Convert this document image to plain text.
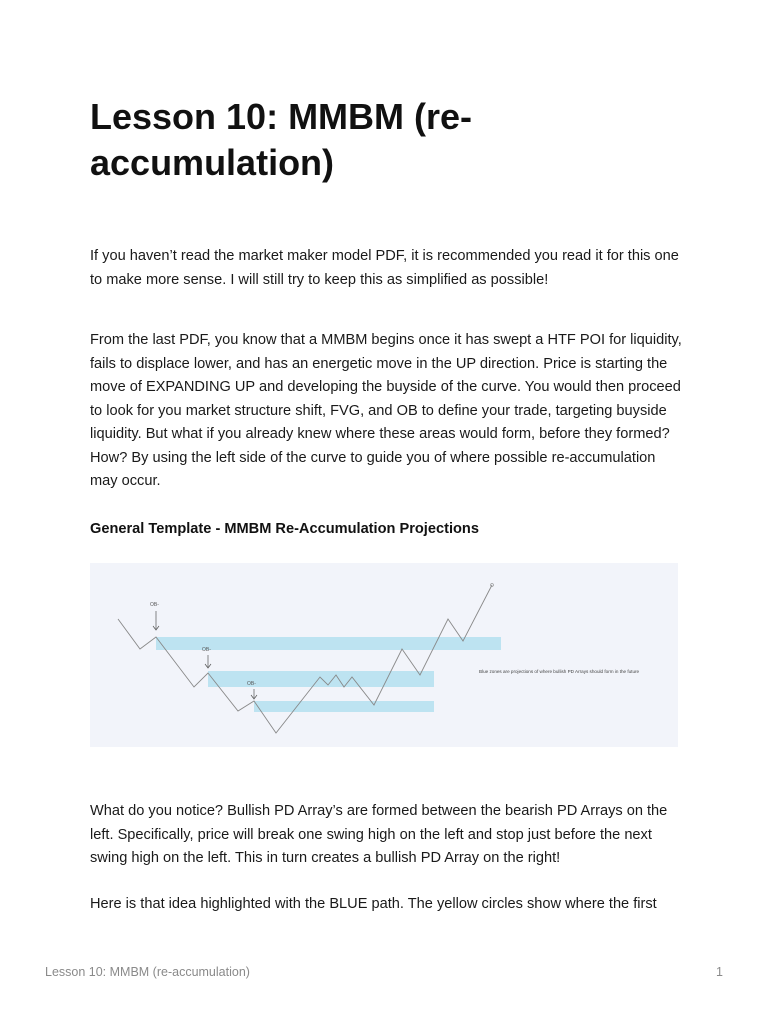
Lesson 10: MMBM (re-accumulation)

If you haven’t read the market maker model PDF, it is recommended you read it for this one to make more sense. I will still try to keep this as simplified as possible!

From the last PDF, you know that a MMBM begins once it has swept a HTF POI for liquidity, fails to displace lower, and has an energetic move in the UP direction. Price is starting the move of EXPANDING UP and developing the buyside of the curve. You would then proceed to look for you market structure shift, FVG, and OB to define your trade, targeting buyside liquidity. But what if you already knew where these areas would form, before they formed? How? By using the left side of the curve to guide you of where possible re-accumulation may occur.

General Template - MMBM Re-Accumulation Projections

OB-
OB-
OB-
Blue zones are projections of where bullish PD Arrays should form in the future

What do you notice? Bullish PD Array’s are formed between the bearish PD Arrays on the left. Specifically, price will break one swing high on the left and stop just before the next swing high on the left. This in turn creates a bullish PD Array on the right!

Here is that idea highlighted with the BLUE path. The yellow circles show where the first

Lesson 10: MMBM (re-accumulation)	1
